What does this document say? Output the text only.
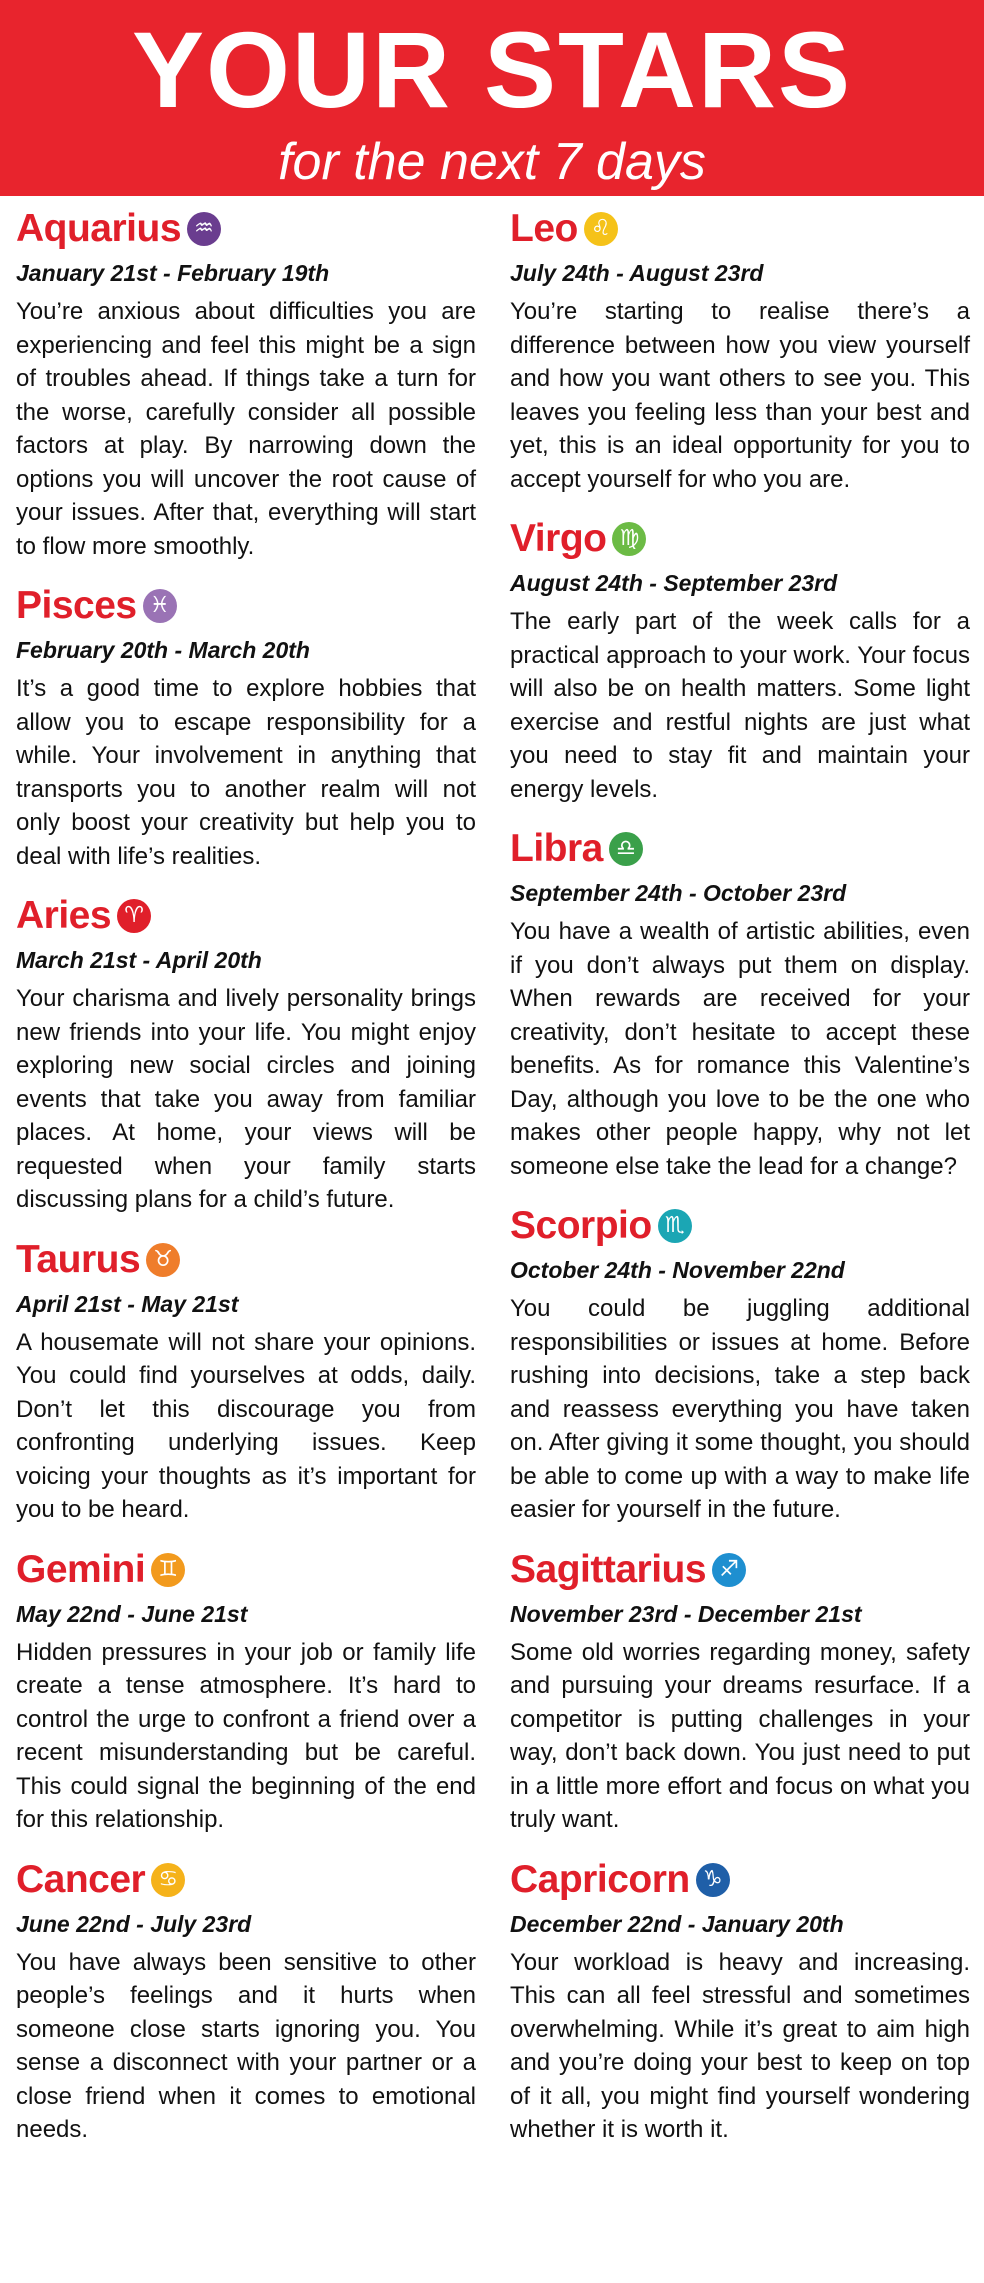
YOUR STARS
for the next 7 days
Aquarius ♒︎
January 21st - February 19th

You’re anxious about difficulties you are experiencing and feel this might be a sign of troubles ahead. If things take a turn for the worse, carefully consider all possible factors at play. By narrowing down the options you will uncover the root cause of your issues. After that, everything will start to flow more smoothly.

Pisces ♓︎
February 20th - March 20th

It’s a good time to explore hobbies that allow you to escape responsibility for a while. Your involvement in anything that transports you to another realm will not only boost your creativity but help you to deal with life’s realities.

Aries ♈︎
March 21st - April 20th

Your charisma and lively personality brings new friends into your life. You might enjoy exploring new social circles and joining events that take you away from familiar places. At home, your views will be requested when your family starts discussing plans for a child’s future.

Taurus ♉︎
April 21st - May 21st

A housemate will not share your opinions. You could find yourselves at odds, daily. Don’t let this discourage you from confronting underlying issues. Keep voicing your thoughts as it’s important for you to be heard.

Gemini ♊︎
May 22nd - June 21st

Hidden pressures in your job or family life create a tense atmosphere. It’s hard to control the urge to confront a friend over a recent misunderstanding but be careful. This could signal the beginning of the end for this relationship.

Cancer ♋︎
June 22nd - July 23rd

You have always been sensitive to other people’s feelings and it hurts when someone close starts ignoring you. You sense a disconnect with your partner or a close friend when it comes to emotional needs.

Leo ♌︎
July 24th - August 23rd

You’re starting to realise there’s a difference between how you view yourself and how you want others to see you. This leaves you feeling less than your best and yet, this is an ideal opportunity for you to accept yourself for who you are.

Virgo ♍︎
August 24th - September 23rd

The early part of the week calls for a practical approach to your work. Your focus will also be on health matters. Some light exercise and restful nights are just what you need to stay fit and maintain your energy levels.

Libra ♎︎
September 24th - October 23rd

You have a wealth of artistic abilities, even if you don’t always put them on display. When rewards are received for your creativity, don’t hesitate to accept these benefits. As for romance this Valentine’s Day, although you love to be the one who makes other people happy, why not let someone else take the lead for a change?

Scorpio ♏︎
October 24th - November 22nd

You could be juggling additional responsibilities or issues at home. Before rushing into decisions, take a step back and reassess everything you have taken on. After giving it some thought, you should be able to come up with a way to make life easier for yourself in the future.

Sagittarius ♐︎
November 23rd - December 21st

Some old worries regarding money, safety and pursuing your dreams resurface. If a competitor is putting challenges in your way, don’t back down. You just need to put in a little more effort and focus on what you truly want.

Capricorn ♑︎
December 22nd - January 20th

Your workload is heavy and increasing. This can all feel stressful and sometimes overwhelming. While it’s great to aim high and you’re doing your best to keep on top of it all, you might find yourself wondering whether it is worth it.
